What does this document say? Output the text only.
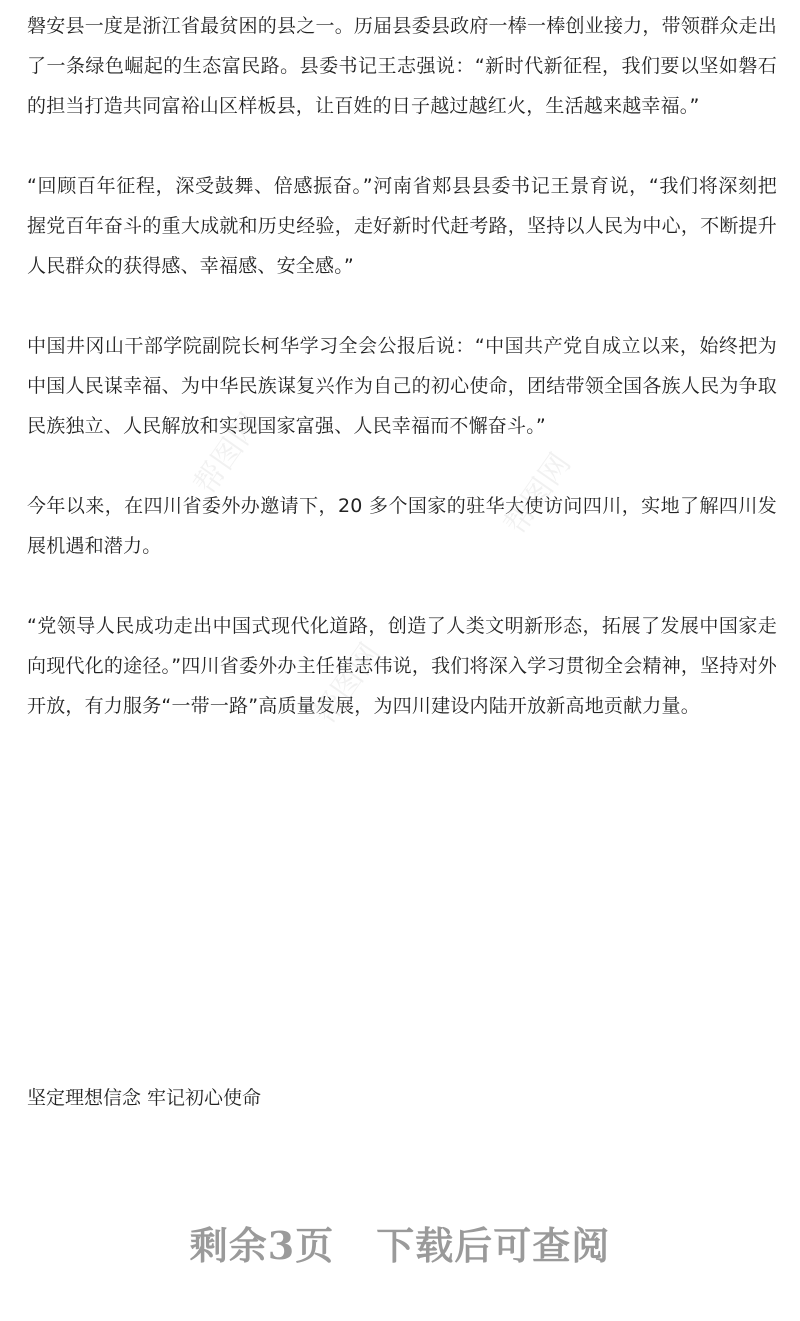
磐安县一度是浙江省最贫困的县之一。历届县委县政府一棒一棒创业接力，带领群众走出了一条绿色崛起的生态富民路。县委书记王志强说：“新时代新征程，我们要以坚如磐石的担当打造共同富裕山区样板县，让百姓的日子越过越红火，生活越来越幸福。”

“回顾百年征程，深受鼓舞、倍感振奋。”河南省郏县县委书记王景育说，“我们将深刻把握党百年奋斗的重大成就和历史经验，走好新时代赶考路，坚持以人民为中心，不断提升人民群众的获得感、幸福感、安全感。”

中国井冈山干部学院副院长柯华学习全会公报后说：“中国共产党自成立以来，始终把为中国人民谋幸福、为中华民族谋复兴作为自己的初心使命，团结带领全国各族人民为争取民族独立、人民解放和实现国家富强、人民幸福而不懈奋斗。”

今年以来，在四川省委外办邀请下，20 多个国家的驻华大使访问四川，实地了解四川发展机遇和潜力。

“党领导人民成功走出中国式现代化道路，创造了人类文明新形态，拓展了发展中国家走向现代化的途径。”四川省委外办主任崔志伟说，我们将深入学习贯彻全会精神，坚持对外开放，有力服务“一带一路”高质量发展，为四川建设内陆开放新高地贡献力量。

坚定理想信念 牢记初心使命

帮图网	帮图网
帮图网
剩余3页 下载后可查阅
